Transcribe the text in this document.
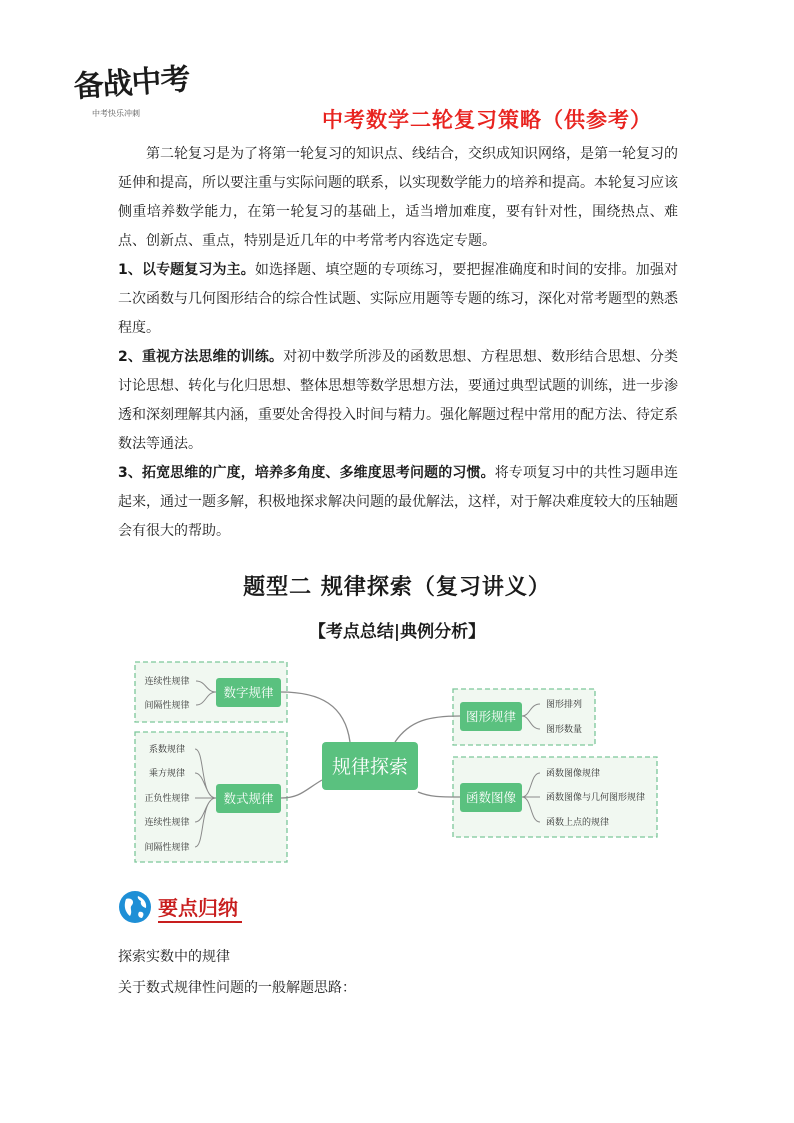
备战中考
中考快乐冲刺	中考数学二轮复习策略（供参考）

第二轮复习是为了将第一轮复习的知识点、线结合，交织成知识网络，是第一轮复习的延伸和提高，所以要注重与实际问题的联系，以实现数学能力的培养和提高。本轮复习应该侧重培养数学能力，在第一轮复习的基础上，适当增加难度，要有针对性，围绕热点、难点、创新点、重点，特别是近几年的中考常考内容选定专题。

1、以专题复习为主。如选择题、填空题的专项练习，要把握准确度和时间的安排。加强对二次函数与几何图形结合的综合性试题、实际应用题等专题的练习，深化对常考题型的熟悉程度。

2、重视方法思维的训练。对初中数学所涉及的函数思想、方程思想、数形结合思想、分类讨论思想、转化与化归思想、整体思想等数学思想方法，要通过典型试题的训练，进一步渗透和深刻理解其内涵，重要处舍得投入时间与精力。强化解题过程中常用的配方法、待定系数法等通法。

3、拓宽思维的广度，培养多角度、多维度思考问题的习惯。将专项复习中的共性习题串连起来，通过一题多解，积极地探求解决问题的最优解法，这样，对于解决难度较大的压轴题会有很大的帮助。

题型二 规律探索（复习讲义）
【考点总结|典例分析】
规律探索
数字规律
数式规律
图形规律
函数图像
连续性规律
间隔性规律
系数规律
乘方规律
正负性规律
连续性规律
间隔性规律
图形排列
图形数量
函数图像规律
函数图像与几何图形规律
函数上点的规律
要点归纳
探索实数中的规律
关于数式规律性问题的一般解题思路：
